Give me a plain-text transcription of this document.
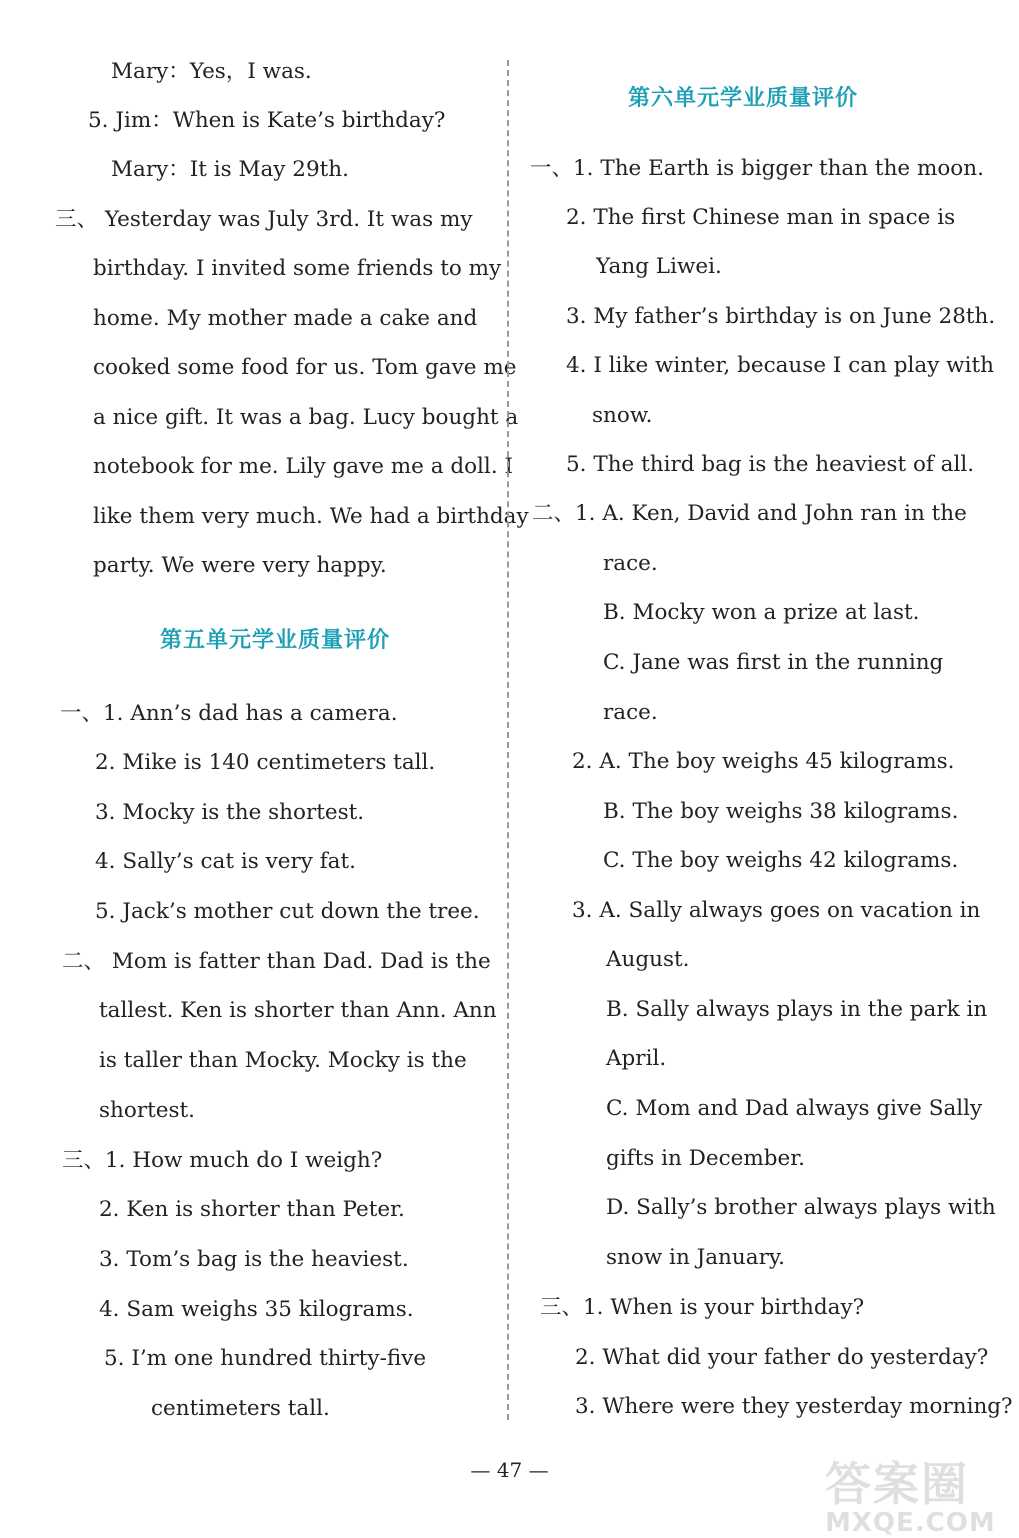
Mary：Yes，I was.
5. Jim：When is Kate’s birthday?
Mary：It is May 29th.
三、 Yesterday was July 3rd. It was my
birthday. I invited some friends to my
home. My mother made a cake and
cooked some food for us. Tom gave me
a nice gift. It was a bag. Lucy bought a
notebook for me. Lily gave me a doll. I
like them very much. We had a birthday
party. We were very happy.
第五单元学业质量评价
一、1. Ann’s dad has a camera.
2. Mike is 140 centimeters tall.
3. Mocky is the shortest.
4. Sally’s cat is very fat.
5. Jack’s mother cut down the tree.
二、 Mom is fatter than Dad. Dad is the
tallest. Ken is shorter than Ann. Ann
is taller than Mocky. Mocky is the
shortest.
三、1. How much do I weigh?
2. Ken is shorter than Peter.
3. Tom’s bag is the heaviest.
4. Sam weighs 35 kilograms.
5. I’m one hundred thirty-five
centimeters tall.
第六单元学业质量评价
一、1. The Earth is bigger than the moon.
2. The first Chinese man in space is
Yang Liwei.
3. My father’s birthday is on June 28th.
4. I like winter, because I can play with
snow.
5. The third bag is the heaviest of all.
二、1. A. Ken, David and John ran in the
race.
B. Mocky won a prize at last.
C. Jane was first in the running
race.
2. A. The boy weighs 45 kilograms.
B. The boy weighs 38 kilograms.
C. The boy weighs 42 kilograms.
3. A. Sally always goes on vacation in
August.
B. Sally always plays in the park in
April.
C. Mom and Dad always give Sally
gifts in December.
D. Sally’s brother always plays with
snow in January.
三、1. When is your birthday?
2. What did your father do yesterday?
3. Where were they yesterday morning?
— 47 —	答案圈
MXQE.COM
